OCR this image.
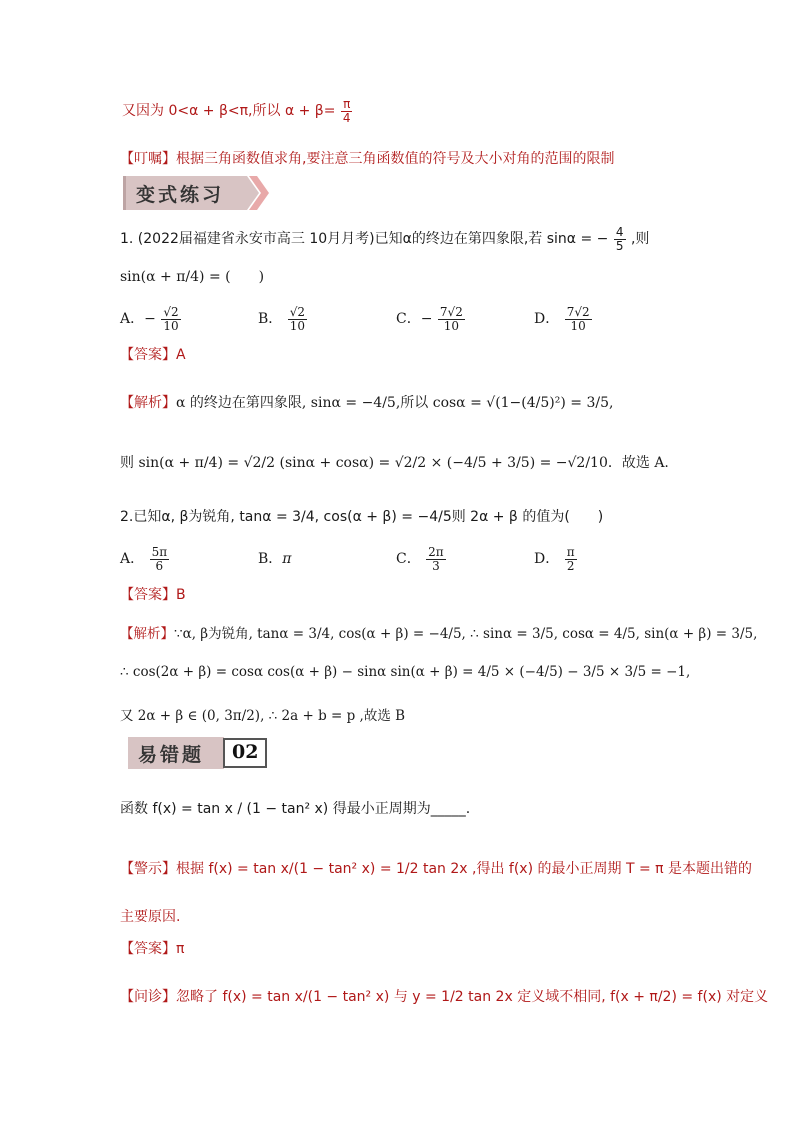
又因为 0<α + β<π,所以 $\alpha + \beta= \frac{\pi}{4}$
【叮嘱】根据三角函数值求角,要注意三角函数值的符号及大小对角的范围的限制
变式练习
1. (2022届福建省永安市高三 10月月考)已知α的终边在第四象限,若 sinα = − $\frac{4}{5}$ ,则
sin(α + π/4) = (　　)
A．− $\frac{√2}{10}$	B． $\frac{√2}{10}$	C．− $\frac{7√2}{10}$	D． $\frac{7√2}{10}$
【答案】A
【解析】α 的终边在第四象限, sinα = −4/5,所以 cosα = √(1−(4/5)²) = 3/5,
则 sin(α + π/4) = √2/2 (sinα + cosα) = √2/2 × (−4/5 + 3/5) = −√2/10．故选 A.
2.已知α, β为锐角, tanα = 3/4, cos(α + β) = −4/5则 2α + β 的值为(　　)
A． $\frac{5\pi}{6}$	B．π	C． $\frac{2\pi}{3}$	D． $\frac{\pi}{2}$
【答案】B
【解析】∵α, β为锐角, tanα = 3/4, cos(α + β) = −4/5, ∴ sinα = 3/5, cosα = 4/5, sin(α + β) = 3/5,
∴ cos(2α + β) = cosα cos(α + β) − sinα sin(α + β) = 4/5 × (−4/5) − 3/5 × 3/5 = −1,
又 2α + β ∈ (0, 3π/2), ∴ 2a + b = p ,故选 B
易错题 02
函数 f(x) = tan x / (1 − tan² x) 得最小正周期为_____.
【警示】根据 f(x) = tan x/(1 − tan² x) = 1/2 tan 2x ,得出 f(x) 的最小正周期 T = π 是本题出错的
主要原因.
【答案】π
【问诊】忽略了 f(x) = tan x/(1 − tan² x) 与 y = 1/2 tan 2x 定义域不相同, f(x + π/2) = f(x) 对定义
